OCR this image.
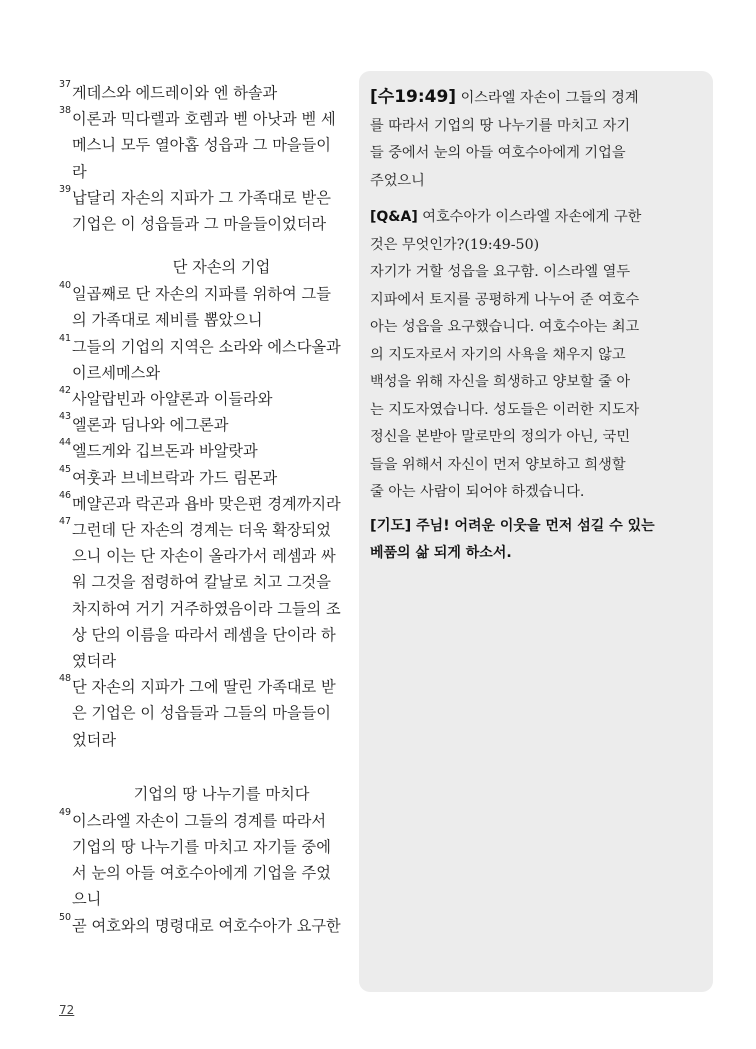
37 게데스와 에드레이와 엔 하솔과
38 이론과 믹다렐과 호렘과 벧 아낫과 벧 세
메스니 모두 열아홉 성읍과 그 마을들이
라
39 납달리 자손의 지파가 그 가족대로 받은
기업은 이 성읍들과 그 마을들이었더라
단 자손의 기업
40 일곱째로 단 자손의 지파를 위하여 그들
의 가족대로 제비를 뽑았으니
41 그들의 기업의 지역은 소라와 에스다올과
이르세메스와
42 사알랍빈과 아얄론과 이들라와
43 엘론과 딤나와 에그론과
44 엘드게와 깁브돈과 바알랏과
45 여훗과 브네브락과 가드 림몬과
46 메얄곤과 락곤과 욥바 맞은편 경계까지라
47 그런데 단 자손의 경계는 더욱 확장되었
으니 이는 단 자손이 올라가서 레셈과 싸
워 그것을 점령하여 칼날로 치고 그것을
차지하여 거기 거주하였음이라 그들의 조
상 단의 이름을 따라서 레셈을 단이라 하
였더라
48 단 자손의 지파가 그에 딸린 가족대로 받
은 기업은 이 성읍들과 그들의 마을들이
었더라
기업의 땅 나누기를 마치다
49 이스라엘 자손이 그들의 경계를 따라서
기업의 땅 나누기를 마치고 자기들 중에
서 눈의 아들 여호수아에게 기업을 주었
으니
50 곧 여호와의 명령대로 여호수아가 요구한
[수19:49] 이스라엘 자손이 그들의 경계
를 따라서 기업의 땅 나누기를 마치고 자기
들 중에서 눈의 아들 여호수아에게 기업을
주었으니
[Q&A] 여호수아가 이스라엘 자손에게 구한
것은 무엇인가?(19:49-50)
자기가 거할 성읍을 요구함. 이스라엘 열두
지파에서 토지를 공평하게 나누어 준 여호수
아는 성읍을 요구했습니다. 여호수아는 최고
의 지도자로서 자기의 사욕을 채우지 않고
백성을 위해 자신을 희생하고 양보할 줄 아
는 지도자였습니다. 성도들은 이러한 지도자
정신을 본받아 말로만의 정의가 아닌, 국민
들을 위해서 자신이 먼저 양보하고 희생할
줄 아는 사람이 되어야 하겠습니다.
[기도] 주님! 어려운 이웃을 먼저 섬길 수 있는
베품의 삶 되게 하소서.
72
